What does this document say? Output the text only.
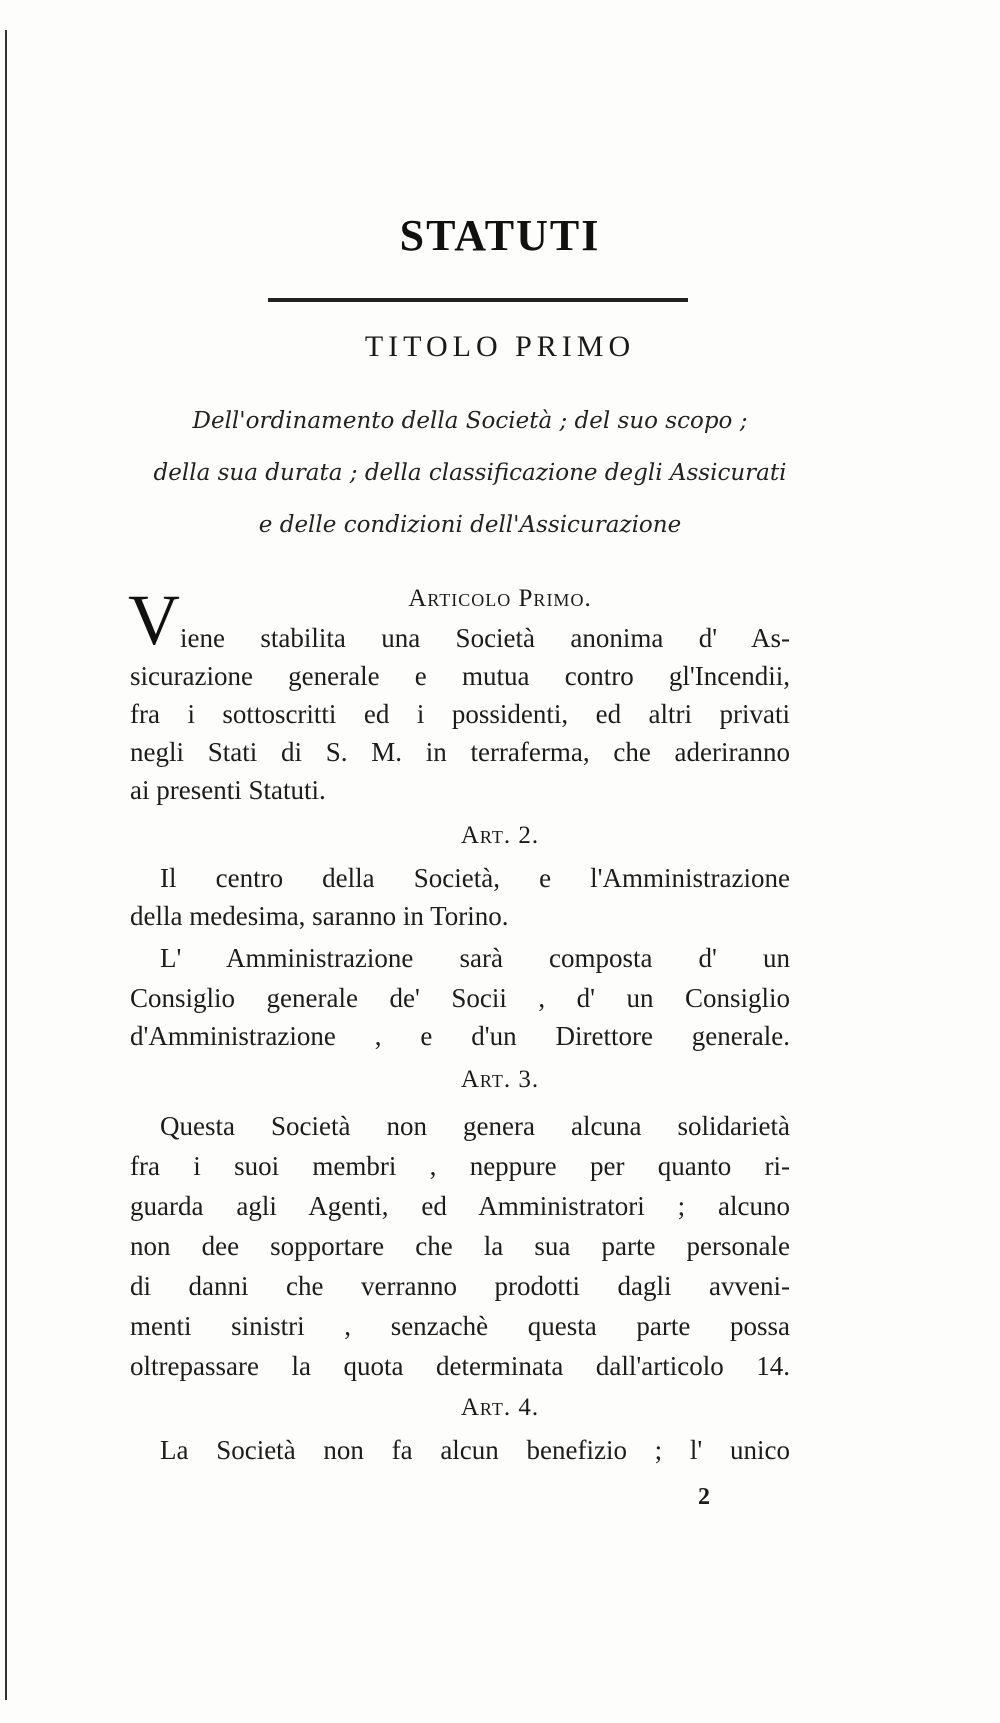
STATUTI
TITOLO PRIMO
Dell'ordinamento della Società ; del suo scopo ;
della sua durata ; della classificazione degli Assicurati
e delle condizioni dell'Assicurazione
Articolo Primo.
V iene stabilita una Società anonima d' As-
sicurazione generale e mutua contro gl'Incendii,
fra i sottoscritti ed i possidenti, ed altri privati
negli Stati di S. M. in terraferma, che aderiranno
ai presenti Statuti.
Art. 2.
Il centro della Società, e l'Amministrazione
della medesima, saranno in Torino.
L' Amministrazione sarà composta d' un
Consiglio generale de' Socii , d' un Consiglio
d'Amministrazione , e d'un Direttore generale.
Art. 3.
Questa Società non genera alcuna solidarietà
fra i suoi membri , neppure per quanto ri-
guarda agli Agenti, ed Amministratori ; alcuno
non dee sopportare che la sua parte personale
di danni che verranno prodotti dagli avveni-
menti sinistri , senzachè questa parte possa
oltrepassare la quota determinata dall'articolo 14.
Art. 4.
La Società non fa alcun benefizio ; l' unico
2
